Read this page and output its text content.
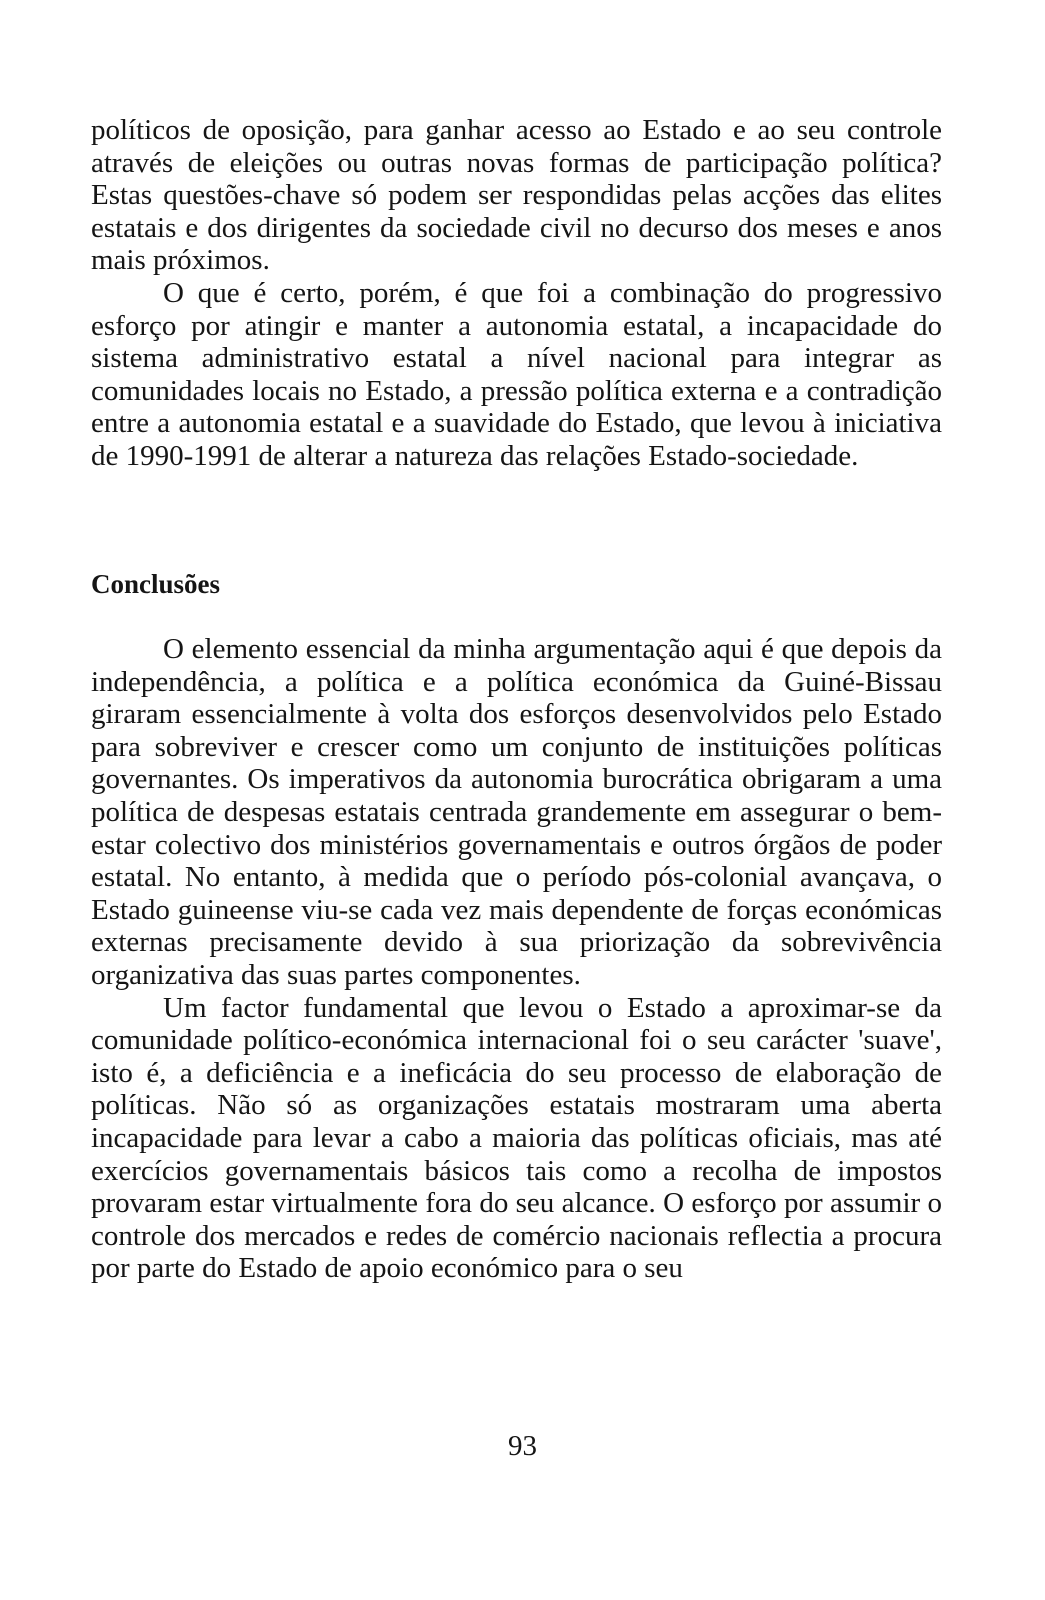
políticos de oposição, para ganhar acesso ao Estado e ao seu controle através de eleições ou outras novas formas de participação política? Estas questões-chave só podem ser respondidas pelas acções das elites estatais e dos dirigentes da sociedade civil no decurso dos meses e anos mais próximos.

O que é certo, porém, é que foi a combinação do progressivo esforço por atingir e manter a autonomia estatal, a incapacidade do sistema administrativo estatal a nível nacional para integrar as comunidades locais no Estado, a pressão política externa e a contradição entre a autonomia estatal e a suavidade do Estado, que levou à iniciativa de 1990-1991 de alterar a natureza das relações Estado-sociedade.

Conclusões

O elemento essencial da minha argumentação aqui é que depois da independência, a política e a política económica da Guiné-Bissau giraram essencialmente à volta dos esforços desenvolvidos pelo Estado para sobreviver e crescer como um conjunto de instituições políticas governantes. Os imperativos da autonomia burocrática obrigaram a uma política de despesas estatais centrada grandemente em assegurar o bem-estar colectivo dos ministérios governamentais e outros órgãos de poder estatal. No entanto, à medida que o período pós-colonial avançava, o Estado guineense viu-se cada vez mais dependente de forças económicas externas precisamente devido à sua priorização da sobrevivência organizativa das suas partes componentes.

Um factor fundamental que levou o Estado a aproximar-se da comunidade político-económica internacional foi o seu carácter 'suave', isto é, a deficiência e a ineficácia do seu processo de elaboração de políticas. Não só as organizações estatais mostraram uma aberta incapacidade para levar a cabo a maioria das políticas oficiais, mas até exercícios governamentais básicos tais como a recolha de impostos provaram estar virtualmente fora do seu alcance. O esforço por assumir o controle dos mercados e redes de comércio nacionais reflectia a procura por parte do Estado de apoio económico para o seu

93
